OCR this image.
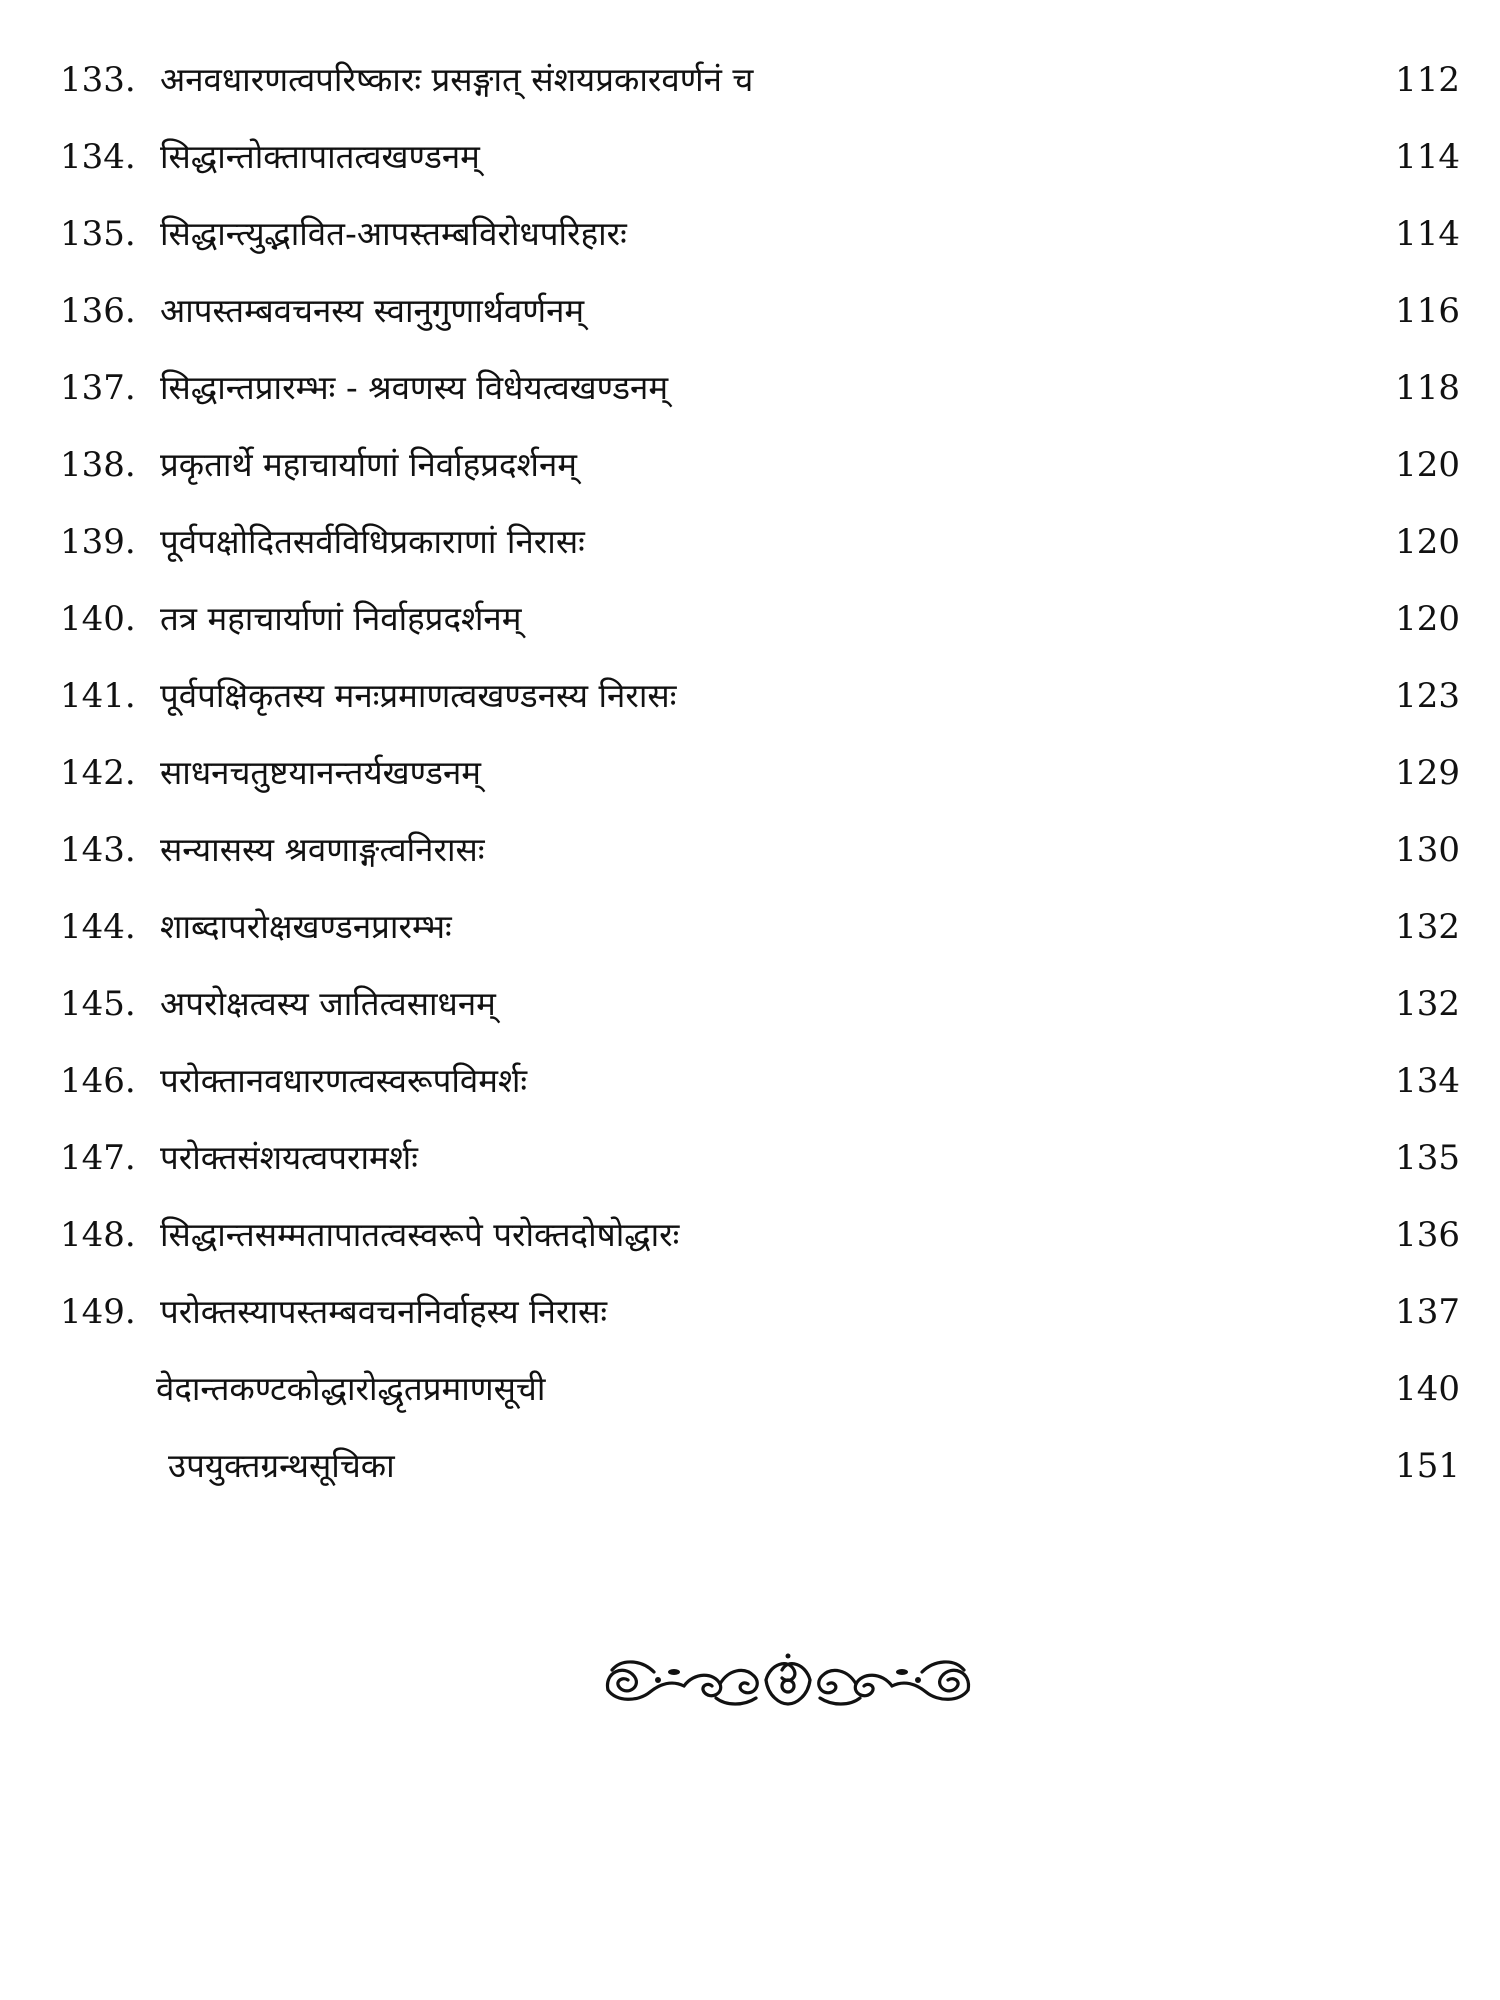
133. अनवधारणत्वपरिष्कारः प्रसङ्गात् संशयप्रकारवर्णनं च	112
134. सिद्धान्तोक्तापातत्वखण्डनम्	114
135. सिद्धान्त्युद्भावित-आपस्तम्बविरोधपरिहारः	114
136. आपस्तम्बवचनस्य स्वानुगुणार्थवर्णनम्	116
137. सिद्धान्तप्रारम्भः - श्रवणस्य विधेयत्वखण्डनम्	118
138. प्रकृतार्थे महाचार्याणां निर्वाहप्रदर्शनम्	120
139. पूर्वपक्षोदितसर्वविधिप्रकाराणां निरासः	120
140. तत्र महाचार्याणां निर्वाहप्रदर्शनम्	120
141. पूर्वपक्षिकृतस्य मनःप्रमाणत्वखण्डनस्य निरासः	123
142. साधनचतुष्टयानन्तर्यखण्डनम्	129
143. सन्यासस्य श्रवणाङ्गत्वनिरासः	130
144. शाब्दापरोक्षखण्डनप्रारम्भः	132
145. अपरोक्षत्वस्य जातित्वसाधनम्	132
146. परोक्तानवधारणत्वस्वरूपविमर्शः	134
147. परोक्तसंशयत्वपरामर्शः	135
148. सिद्धान्तसम्मतापातत्वस्वरूपे परोक्तदोषोद्धारः	136
149. परोक्तस्यापस्तम्बवचननिर्वाहस्य निरासः	137
वेदान्तकण्टकोद्धारोद्धृतप्रमाणसूची	140
उपयुक्तग्रन्थसूचिका	151
